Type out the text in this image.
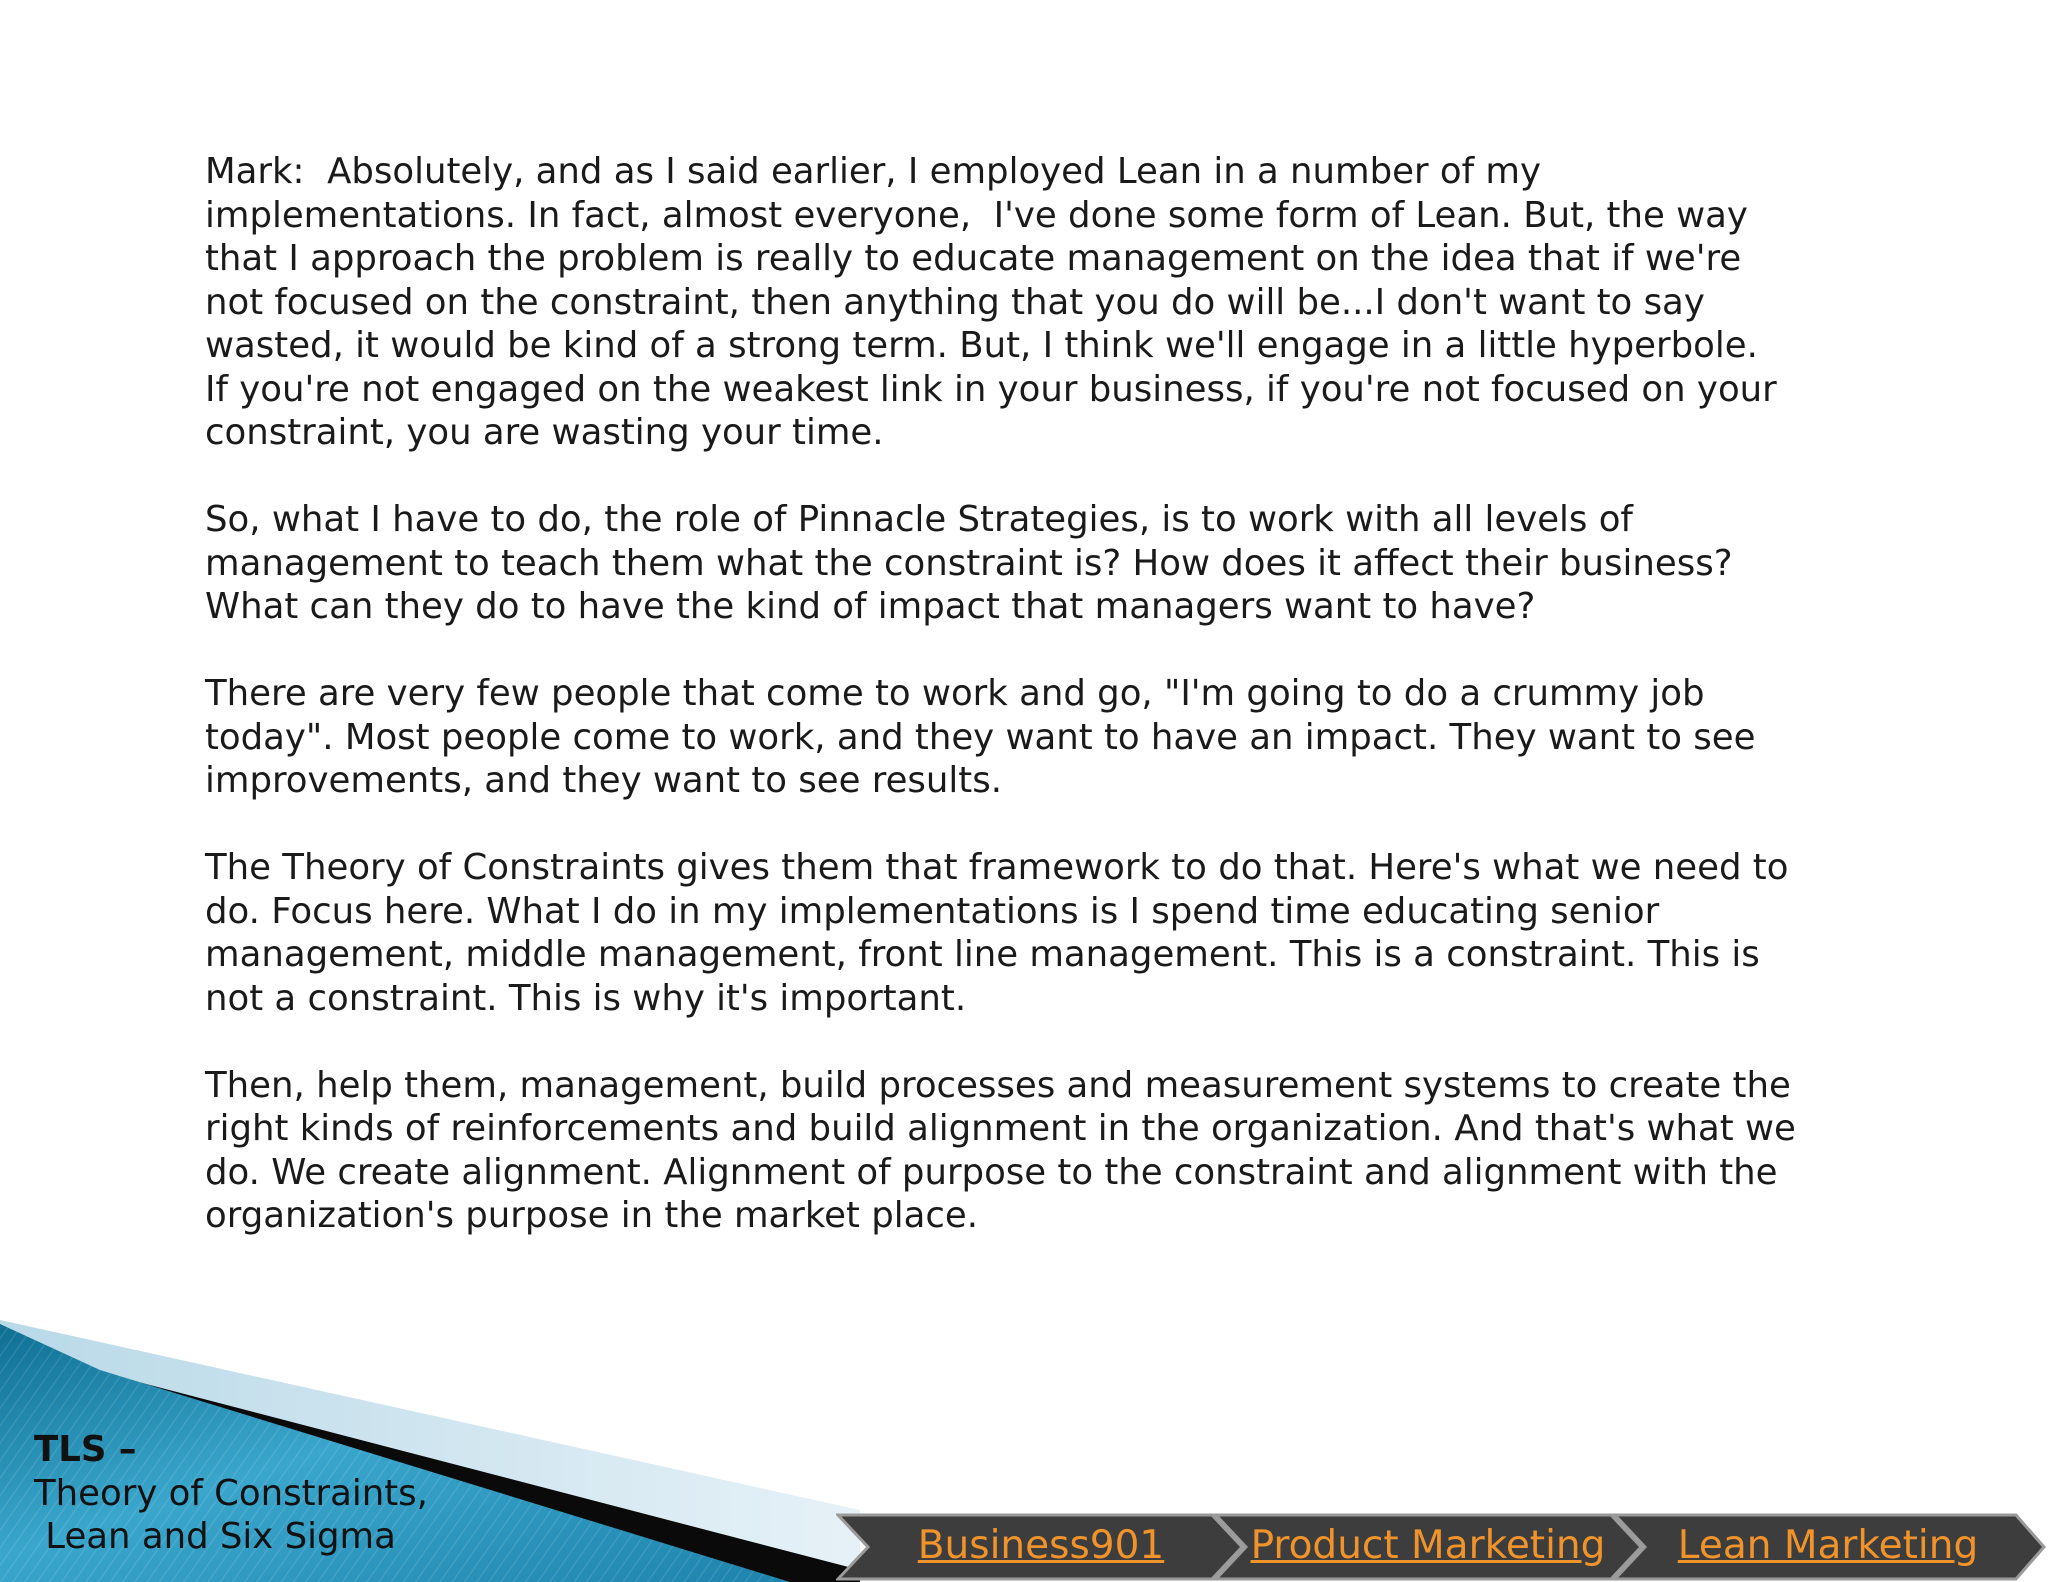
Mark:  Absolutely, and as I said earlier, I employed Lean in a number of my
implementations. In fact, almost everyone,  I've done some form of Lean. But, the way
that I approach the problem is really to educate management on the idea that if we're
not focused on the constraint, then anything that you do will be...I don't want to say
wasted, it would be kind of a strong term. But, I think we'll engage in a little hyperbole.
If you're not engaged on the weakest link in your business, if you're not focused on your
constraint, you are wasting your time.

So, what I have to do, the role of Pinnacle Strategies, is to work with all levels of
management to teach them what the constraint is? How does it affect their business?
What can they do to have the kind of impact that managers want to have?

There are very few people that come to work and go, "I'm going to do a crummy job
today". Most people come to work, and they want to have an impact. They want to see
improvements, and they want to see results.

The Theory of Constraints gives them that framework to do that. Here's what we need to
do. Focus here. What I do in my implementations is I spend time educating senior
management, middle management, front line management. This is a constraint. This is
not a constraint. This is why it's important.

Then, help them, management, build processes and measurement systems to create the
right kinds of reinforcements and build alignment in the organization. And that's what we
do. We create alignment. Alignment of purpose to the constraint and alignment with the
organization's purpose in the market place.

TLS –
Theory of Constraints,
Lean and Six Sigma	Business901	Product Marketing	Lean Marketing
